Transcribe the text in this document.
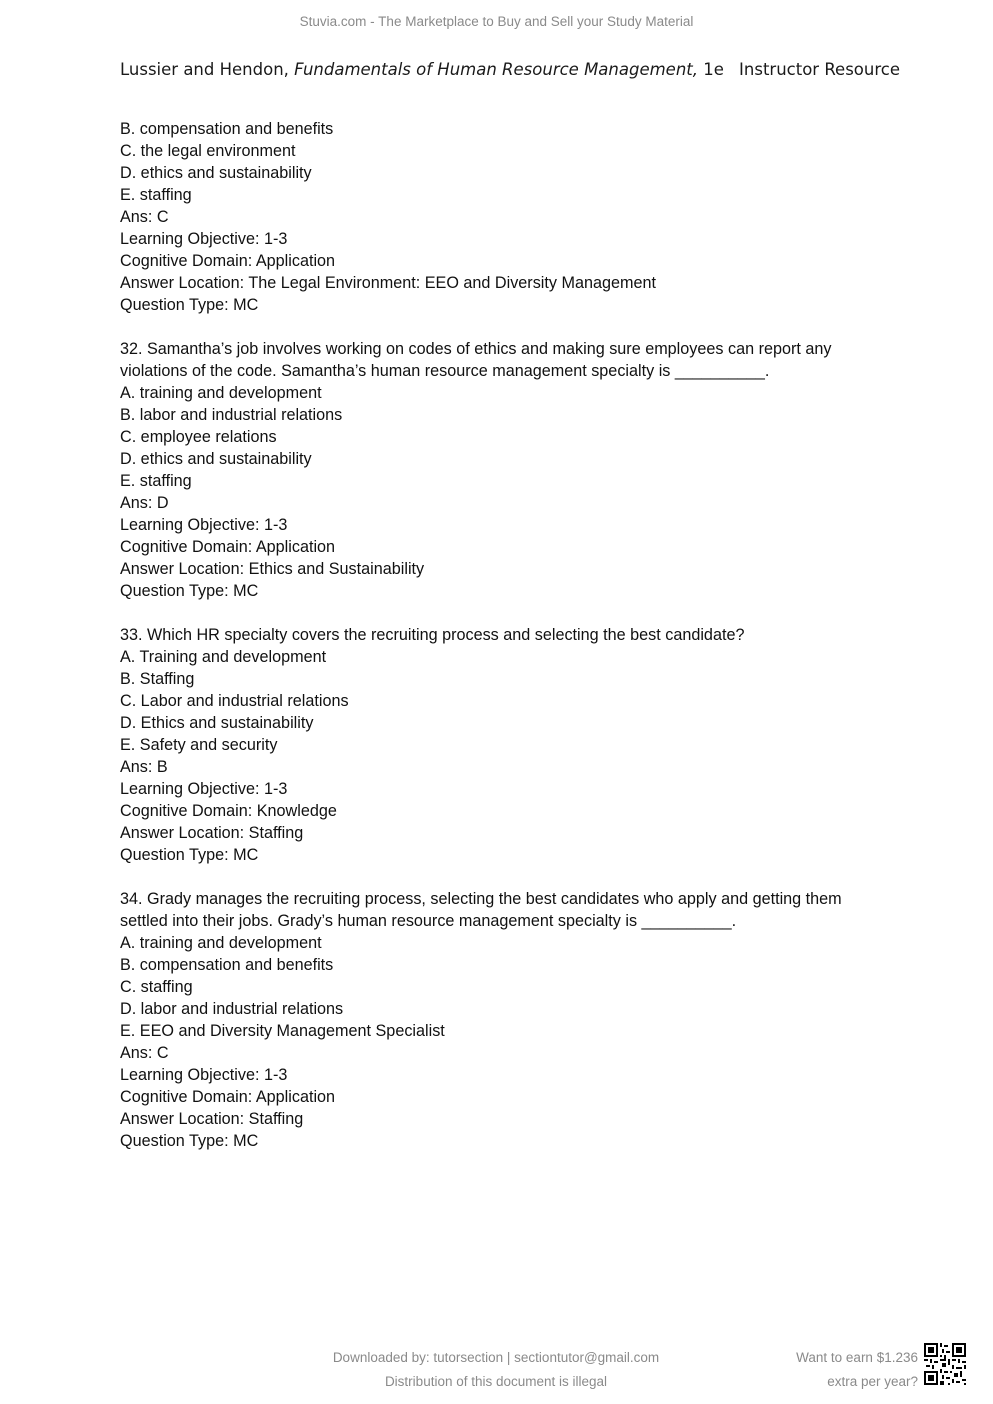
Stuvia.com - The Marketplace to Buy and Sell your Study Material
Lussier and Hendon, Fundamentals of Human Resource Management, 1e Instructor Resource
B. compensation and benefits
C. the legal environment
D. ethics and sustainability
E. staffing
Ans: C
Learning Objective: 1-3
Cognitive Domain: Application
Answer Location: The Legal Environment: EEO and Diversity Management
Question Type: MC
32. Samantha’s job involves working on codes of ethics and making sure employees can report any
violations of the code. Samantha’s human resource management specialty is __________.
A. training and development
B. labor and industrial relations
C. employee relations
D. ethics and sustainability
E. staffing
Ans: D
Learning Objective: 1-3
Cognitive Domain: Application
Answer Location: Ethics and Sustainability
Question Type: MC
33. Which HR specialty covers the recruiting process and selecting the best candidate?
A. Training and development
B. Staffing
C. Labor and industrial relations
D. Ethics and sustainability
E. Safety and security
Ans: B
Learning Objective: 1-3
Cognitive Domain: Knowledge
Answer Location: Staffing
Question Type: MC
34. Grady manages the recruiting process, selecting the best candidates who apply and getting them
settled into their jobs. Grady’s human resource management specialty is __________.
A. training and development
B. compensation and benefits
C. staffing
D. labor and industrial relations
E. EEO and Diversity Management Specialist
Ans: C
Learning Objective: 1-3
Cognitive Domain: Application
Answer Location: Staffing
Question Type: MC
Downloaded by: tutorsection | sectiontutor@gmail.com
Distribution of this document is illegal
Want to earn $1.236
extra per year?
